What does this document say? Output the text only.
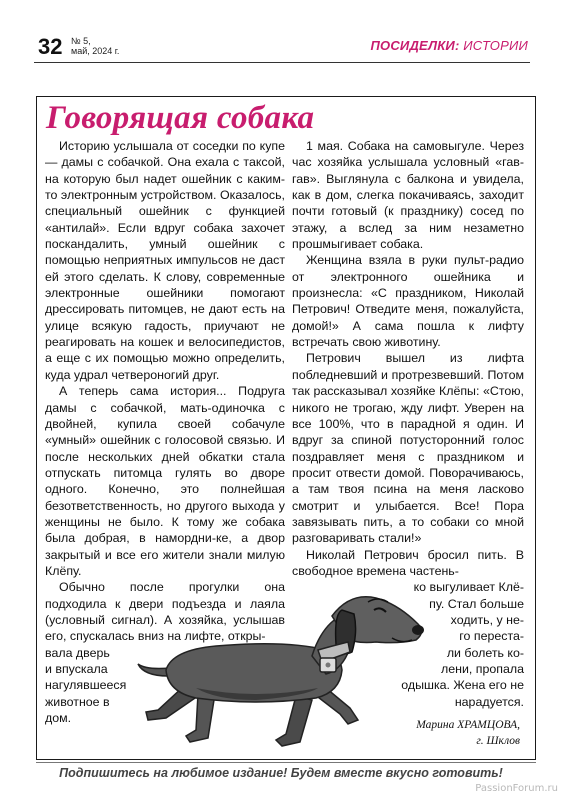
32 № 5,
май, 2024 г.	ПОСИДЕЛКИ: ИСТОРИИ
Говорящая собака

Историю услышала от соседки по купе — дамы с собачкой. Она ехала с таксой, на которую был надет ошейник с каким-то электронным устройством. Оказалось, специальный ошейник с функцией «антилай». Если вдруг собака захочет поскандалить, умный ошейник с помощью неприятных импульсов не даст ей этого сделать. К слову, современные электронные ошейники помогают дрессировать питомцев, не дают есть на улице всякую гадость, приучают не реагировать на кошек и велосипедистов, а еще с их помощью можно определить, куда удрал четвероногий друг.

А теперь сама история... Подруга дамы с собачкой, мать-одиночка с двойней, купила своей собачуле «умный» ошейник с голосовой связью. И после нескольких дней обкатки стала отпускать питомца гулять во дворе одного. Конечно, это полнейшая безответственность, но другого выхода у женщины не было. К тому же собака была добрая, в намордни-ке, а двор закрытый и все его жители знали милую Клёпу.

Обычно после прогулки она подходила к двери подъезда и лаяла (условный сигнал). А хозяйка, услышав его, спускалась вниз на лифте, откры-

вала дверь
и впускала
нагулявшееся
животное в
дом.

1 мая. Собака на самовыгуле. Через час хозяйка услышала условный «гав-гав». Выглянула с балкона и увидела, как в дом, слегка покачиваясь, заходит почти готовый (к празднику) сосед по этажу, а вслед за ним незаметно прошмыгивает собака.

Женщина взяла в руки пульт-радио от электронного ошейника и произнесла: «С праздником, Николай Петрович! Отведите меня, пожалуйста, домой!» А сама пошла к лифту встречать свою животину.

Петрович вышел из лифта побледневший и протрезвевший. Потом так рассказывал хозяйке Клёпы: «Стою, никого не трогаю, жду лифт. Уверен на все 100%, что в парадной я один. И вдруг за спиной потусторонний голос поздравляет меня с праздником и просит отвести домой. Поворачиваюсь, а там твоя псина на меня ласково смотрит и улыбается. Все! Пора завязывать пить, а то собаки со мной разговаривать стали!»

Николай Петрович бросил пить. В свободное времена частень-

ко выгуливает Клё-
пу. Стал больше
ходить, у не-
го переста-
ли болеть ко-
лени, пропала
одышка. Жена его не
нарадуется.
Марина ХРАМЦОВА,
г. Шклов
Подпишитесь на любимое издание! Будем вместе вкусно готовить!
PassionForum.ru
